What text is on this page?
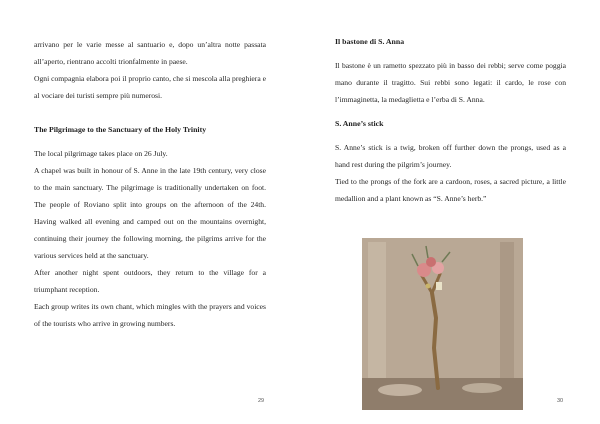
arrivano per le varie messe al santuario e, dopo un’altra notte passata all’aperto, rientrano accolti trionfalmente in paese.

Ogni compagnia elabora poi il proprio canto, che si mescola alla preghiera e al vociare dei turisti sempre più numerosi.

The Pilgrimage to the Sanctuary of the Holy Trinity

The local pilgrimage takes place on 26 July.

A chapel was built in honour of S. Anne in the late 19th century, very close to the main sanctuary. The pilgrimage is traditionally undertaken on foot. The people of Roviano split into groups on the afternoon of the 24th. Having walked all evening and camped out on the mountains overnight, continuing their journey the following morning, the pilgrims arrive for the various services held at the sanctuary.

After another night spent outdoors, they return to the village for a triumphant reception.

Each group writes its own chant, which mingles with the prayers and voices of the tourists who arrive in growing numbers.

29
Il bastone di S. Anna

Il bastone è un rametto spezzato più in basso dei rebbi; serve come poggia mano durante il tragitto. Sui rebbi sono legati: il cardo, le rose con l’immaginetta, la medaglietta e l’erba di S. Anna.

S. Anne’s stick

S. Anne’s stick is a twig, broken off further down the prongs, used as a hand rest during the pilgrim’s journey.

Tied to the prongs of the fork are a cardoon, roses, a sacred picture, a little medallion and a plant known as “S. Anne’s herb.”

30
